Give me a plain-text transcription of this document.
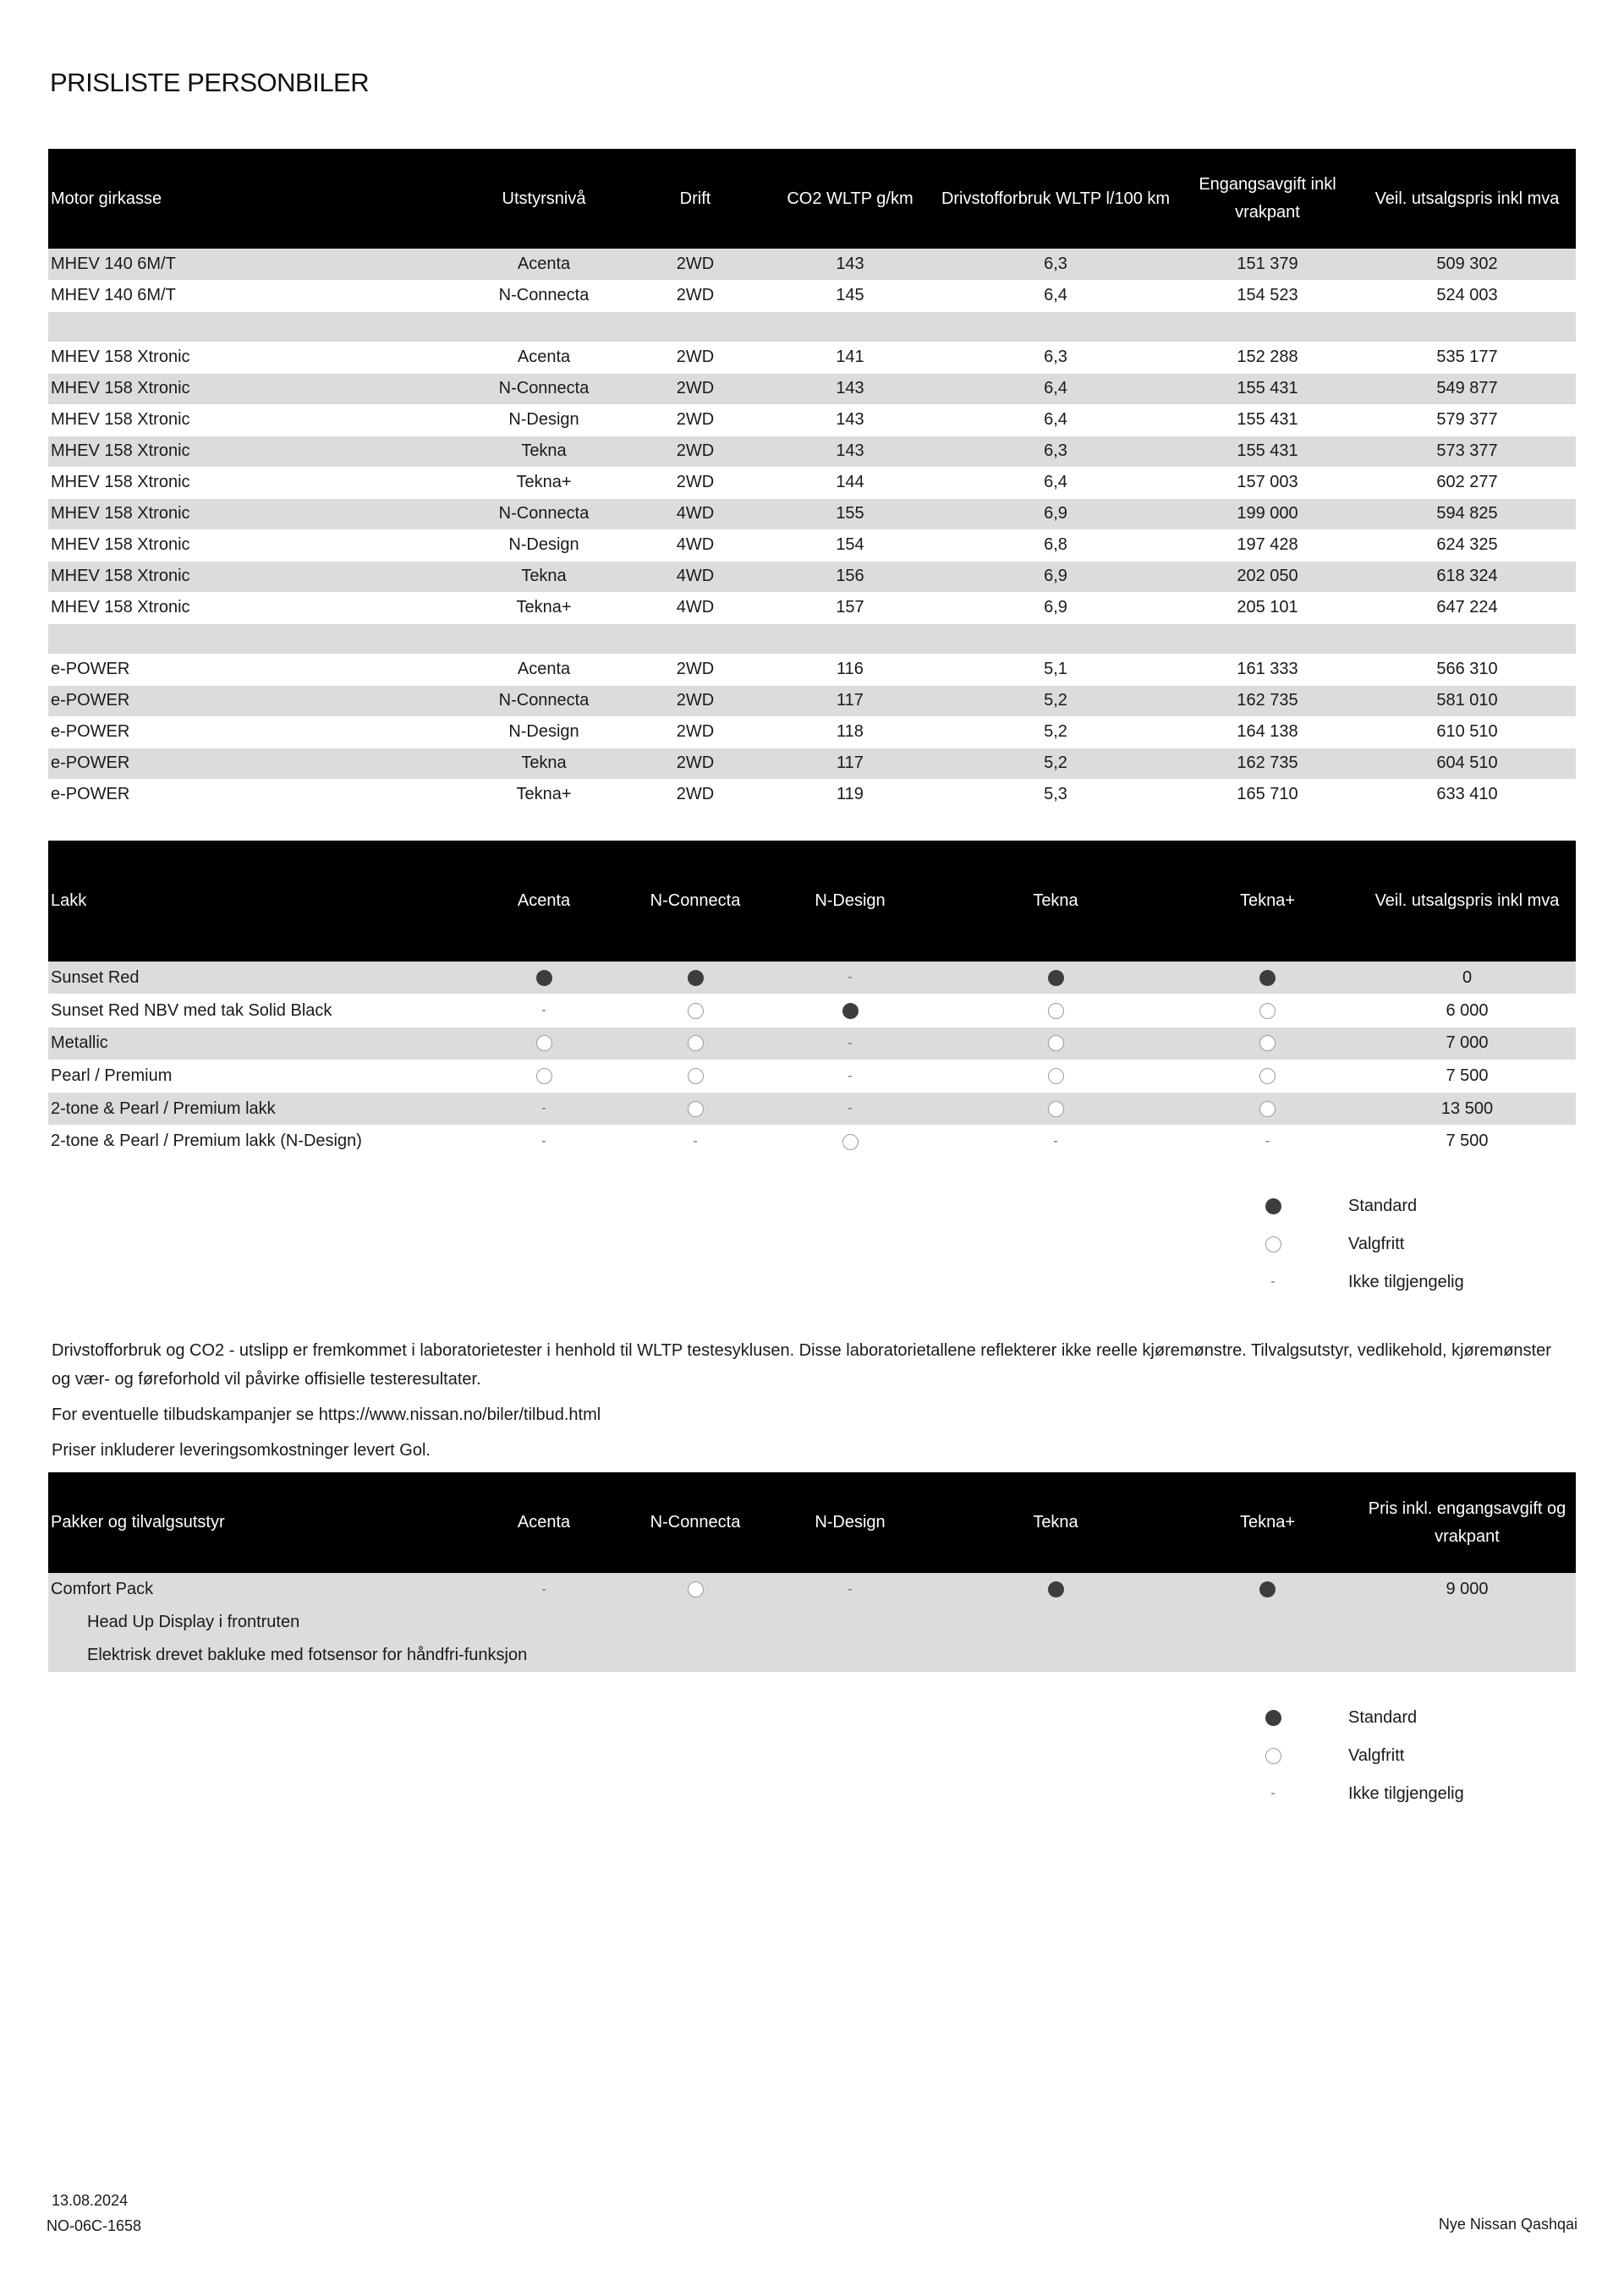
PRISLISTE PERSONBILER
Motor girkasse	Utstyrsnivå	Drift	CO2 WLTP g/km	Drivstofforbruk WLTP l/100 km	Engangsavgift inkl vrakpant	Veil. utsalgspris inkl mva
MHEV 140 6M/T	Acenta	2WD	143	6,3	151 379	509 302
MHEV 140 6M/T	N-Connecta	2WD	145	6,4	154 523	524 003

MHEV 158 Xtronic	Acenta	2WD	141	6,3	152 288	535 177
MHEV 158 Xtronic	N-Connecta	2WD	143	6,4	155 431	549 877
MHEV 158 Xtronic	N-Design	2WD	143	6,4	155 431	579 377
MHEV 158 Xtronic	Tekna	2WD	143	6,3	155 431	573 377
MHEV 158 Xtronic	Tekna+	2WD	144	6,4	157 003	602 277
MHEV 158 Xtronic	N-Connecta	4WD	155	6,9	199 000	594 825
MHEV 158 Xtronic	N-Design	4WD	154	6,8	197 428	624 325
MHEV 158 Xtronic	Tekna	4WD	156	6,9	202 050	618 324
MHEV 158 Xtronic	Tekna+	4WD	157	6,9	205 101	647 224

e-POWER	Acenta	2WD	116	5,1	161 333	566 310
e-POWER	N-Connecta	2WD	117	5,2	162 735	581 010
e-POWER	N-Design	2WD	118	5,2	164 138	610 510
e-POWER	Tekna	2WD	117	5,2	162 735	604 510
e-POWER	Tekna+	2WD	119	5,3	165 710	633 410
Lakk	Acenta	N-Connecta	N-Design	Tekna	Tekna+	Veil. utsalgspris inkl mva
Sunset Red			-			0
Sunset Red NBV med tak Solid Black	-					6 000
Metallic			-			7 000
Pearl / Premium			-			7 500
2-tone & Pearl / Premium lakk	-		-			13 500
2-tone & Pearl / Premium lakk (N-Design)	-	-		-	-	7 500
Standard
Valgfritt
-	Ikke tilgjengelig

Drivstofforbruk og CO2 - utslipp er fremkommet i laboratorietester i henhold til WLTP testesyklusen. Disse laboratorietallene reflekterer ikke reelle kjøremønstre. Tilvalgsutstyr, vedlikehold, kjøremønster og vær- og føreforhold vil påvirke offisielle testeresultater.

For eventuelle tilbudskampanjer se https://www.nissan.no/biler/tilbud.html

Priser inkluderer leveringsomkostninger levert Gol.

Pakker og tilvalgsutstyr	Acenta	N-Connecta	N-Design	Tekna	Tekna+	Pris inkl. engangsavgift og vrakpant
Comfort Pack	-		-			9 000
Head Up Display i frontruten						
Elektrisk drevet bakluke med fotsensor for håndfri-funksjon						
Standard
Valgfritt
-	Ikke tilgjengelig
13.08.2024
NO-06C-1658	Nye Nissan Qashqai
